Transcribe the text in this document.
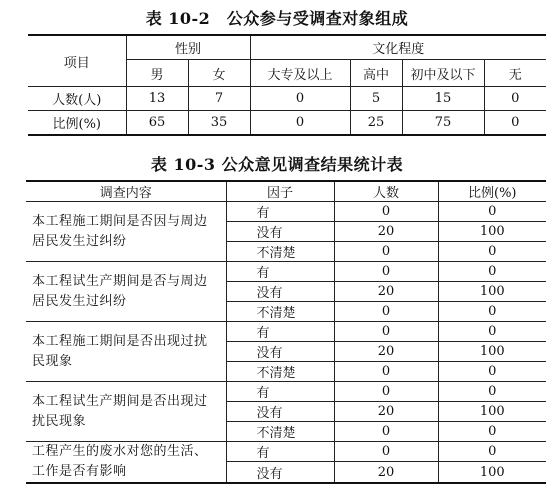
表 10-2　公众参与受调查对象组成
项目	性别		文化程度			
	男	女	大专及以上	高中	初中及以下	无
人数(人)	13	7	0	5	15	0
比例(%)	65	35	0	25	75	0
表 10-3 公众意见调查结果统计表
调查内容	因子	人数	比例(%)
本工程施工期间是否因与周边居民发生过纠纷	有	0	0
	没有	20	100
	不清楚	0	0
本工程试生产期间是否与周边居民发生过纠纷	有	0	0
	没有	20	100
	不清楚	0	0
本工程施工期间是否出现过扰民现象	有	0	0
	没有	20	100
	不清楚	0	0
本工程试生产期间是否出现过扰民现象	有	0	0
	没有	20	100
	不清楚	0	0
工程产生的废水对您的生活、工作是否有影响	有	0	0
	没有	20	100
